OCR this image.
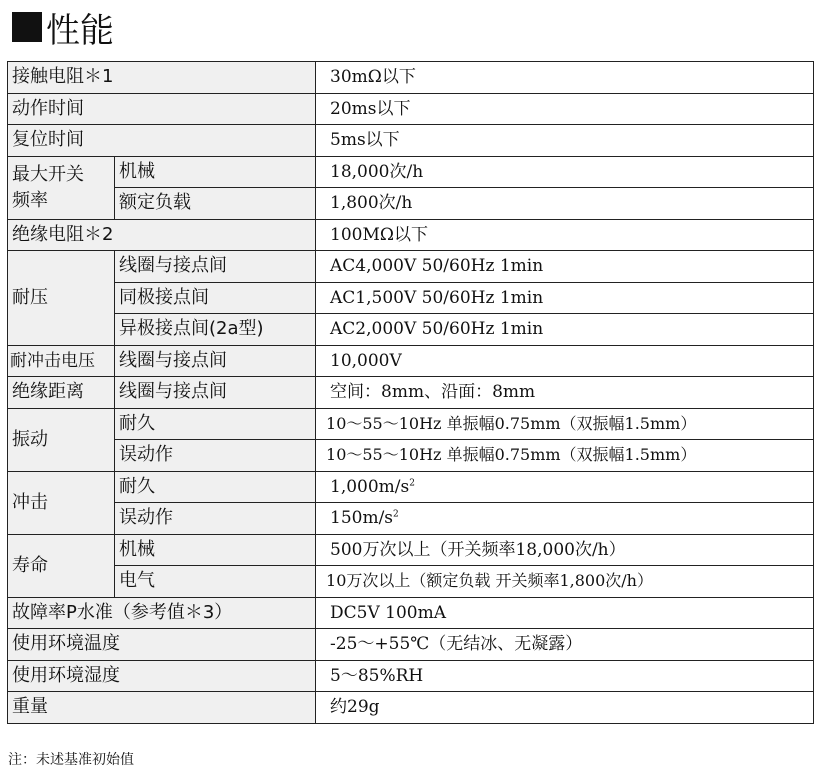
性能
接触电阻＊1		30mΩ以下
动作时间		20ms以下
复位时间		5ms以下
最大开关
频率	机械	18,000次/h
	额定负载	1,800次/h
绝缘电阻＊2		100MΩ以下
耐压	线圈与接点间	AC4,000V 50/60Hz 1min
	同极接点间	AC1,500V 50/60Hz 1min
	异极接点间(2a型)	AC2,000V 50/60Hz 1min
耐冲击电压	线圈与接点间	10,000V
绝缘距离	线圈与接点间	空间：8mm、沿面：8mm
振动	耐久	10～55～10Hz 单振幅0.75mm（双振幅1.5mm）
	误动作	10～55～10Hz 单振幅0.75mm（双振幅1.5mm）
冲击	耐久	$1,000m/s^2$
	误动作	$150m/s^2$
寿命	机械	500万次以上（开关频率18,000次/h）
	电气	10万次以上（额定负载 开关频率1,800次/h）
故障率P水准（参考值＊3）		DC5V 100mA
使用环境温度		-25～+55℃（无结冰、无凝露）
使用环境湿度		5～85%RH
重量		约29g
注：未述基准初始值
